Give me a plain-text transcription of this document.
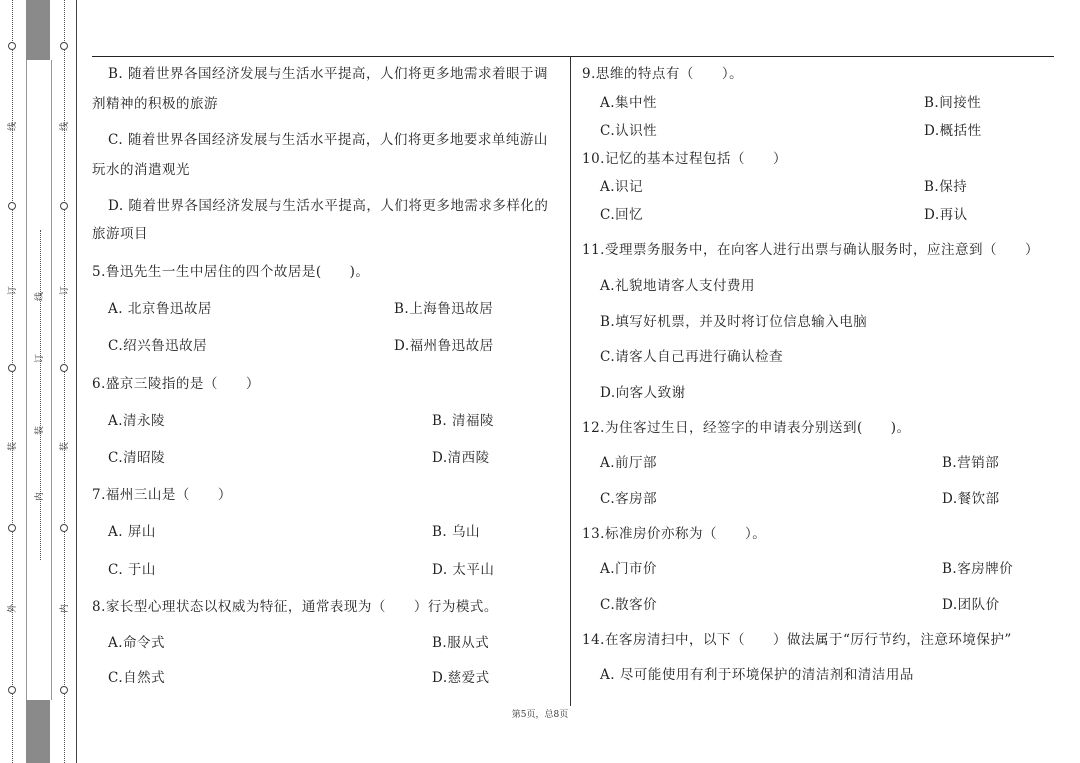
线
订
装
外
线
订
装
内
线
订
装
内
B. 随着世界各国经济发展与生活水平提高，人们将更多地需求着眼于调
剂精神的积极的旅游
C. 随着世界各国经济发展与生活水平提高，人们将更多地要求单纯游山
玩水的消遣观光
D. 随着世界各国经济发展与生活水平提高，人们将更多地需求多样化的
旅游项目
5.鲁迅先生一生中居住的四个故居是(　　)。
A. 北京鲁迅故居	B.上海鲁迅故居
C.绍兴鲁迅故居	D.福州鲁迅故居
6.盛京三陵指的是（　　）
A.清永陵	B. 清福陵
C.清昭陵	D.清西陵
7.福州三山是（　　）
A. 屏山	B. 乌山
C. 于山	D. 太平山
8.家长型心理状态以权威为特征，通常表现为（　　）行为模式。
A.命令式	B.服从式
C.自然式	D.慈爱式
9.思维的特点有（　　）。
A.集中性	B.间接性
C.认识性	D.概括性
10.记忆的基本过程包括（　　）
A.识记	B.保持
C.回忆	D.再认
11.受理票务服务中，在向客人进行出票与确认服务时，应注意到（　　）
A.礼貌地请客人支付费用
B.填写好机票，并及时将订位信息输入电脑
C.请客人自己再进行确认检查
D.向客人致谢
12.为住客过生日，经签字的申请表分别送到(　　)。
A.前厅部	B.营销部
C.客房部	D.餐饮部
13.标准房价亦称为（　　）。
A.门市价	B.客房牌价
C.散客价	D.团队价
14.在客房清扫中，以下（　　）做法属于“厉行节约，注意环境保护”
A. 尽可能使用有利于环境保护的清洁剂和清洁用品
第5页，总8页
